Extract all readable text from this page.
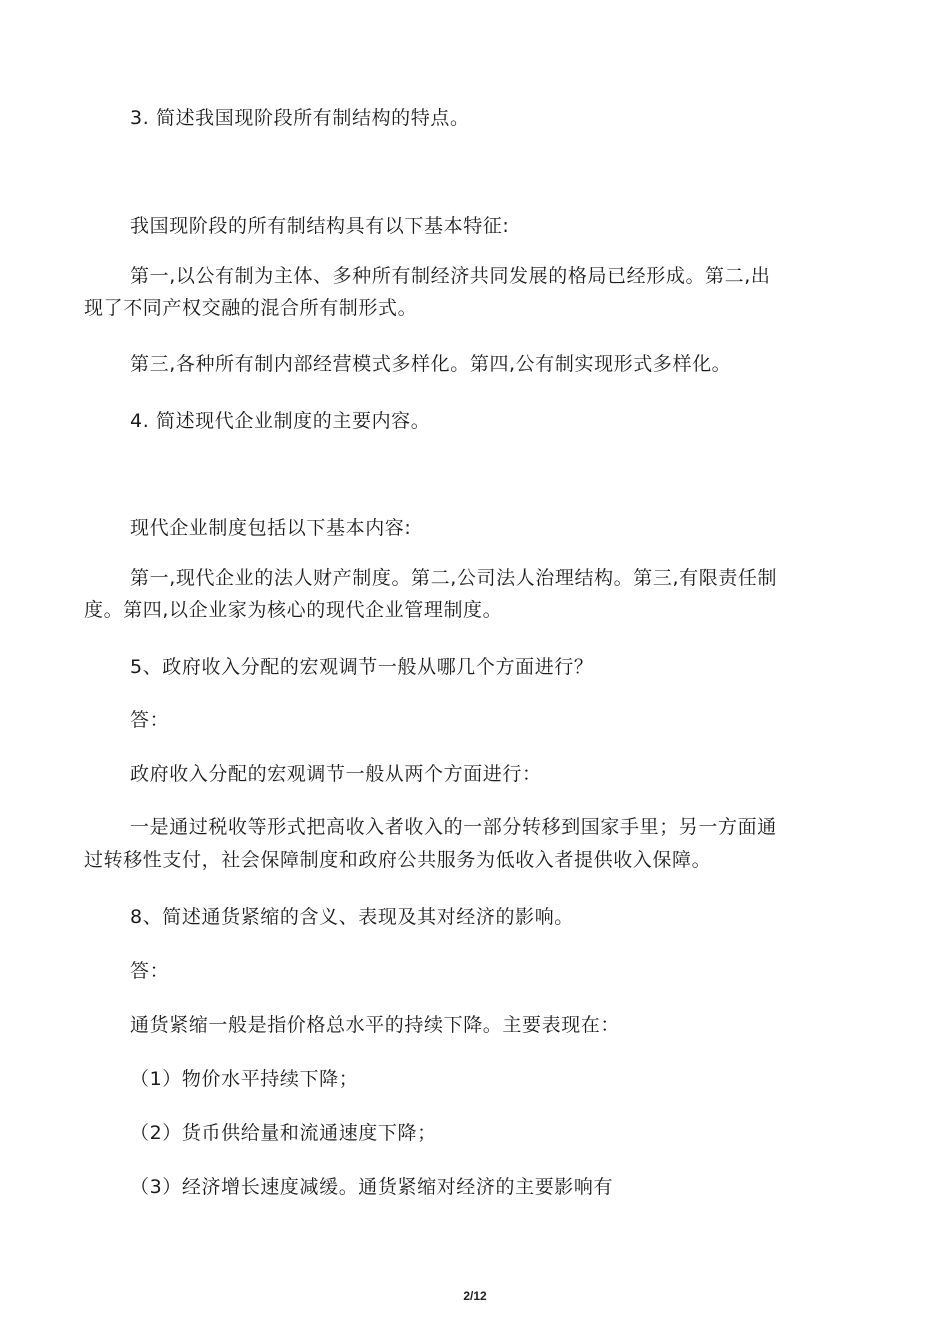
3. 简述我国现阶段所有制结构的特点。
我国现阶段的所有制结构具有以下基本特征:
第一,以公有制为主体、多种所有制经济共同发展的格局已经形成。第二,出
现了不同产权交融的混合所有制形式。
第三,各种所有制内部经营模式多样化。第四,公有制实现形式多样化。
4. 简述现代企业制度的主要内容。
现代企业制度包括以下基本内容:
第一,现代企业的法人财产制度。第二,公司法人治理结构。第三,有限责任制
度。第四,以企业家为核心的现代企业管理制度。
5、政府收入分配的宏观调节一般从哪几个方面进行？
答：
政府收入分配的宏观调节一般从两个方面进行：
一是通过税收等形式把高收入者收入的一部分转移到国家手里；另一方面通
过转移性支付，社会保障制度和政府公共服务为低收入者提供收入保障。
8、简述通货紧缩的含义、表现及其对经济的影响。
答：
通货紧缩一般是指价格总水平的持续下降。主要表现在：
（1）物价水平持续下降；
（2）货币供给量和流通速度下降；
（3）经济增长速度减缓。通货紧缩对经济的主要影响有
2/12
